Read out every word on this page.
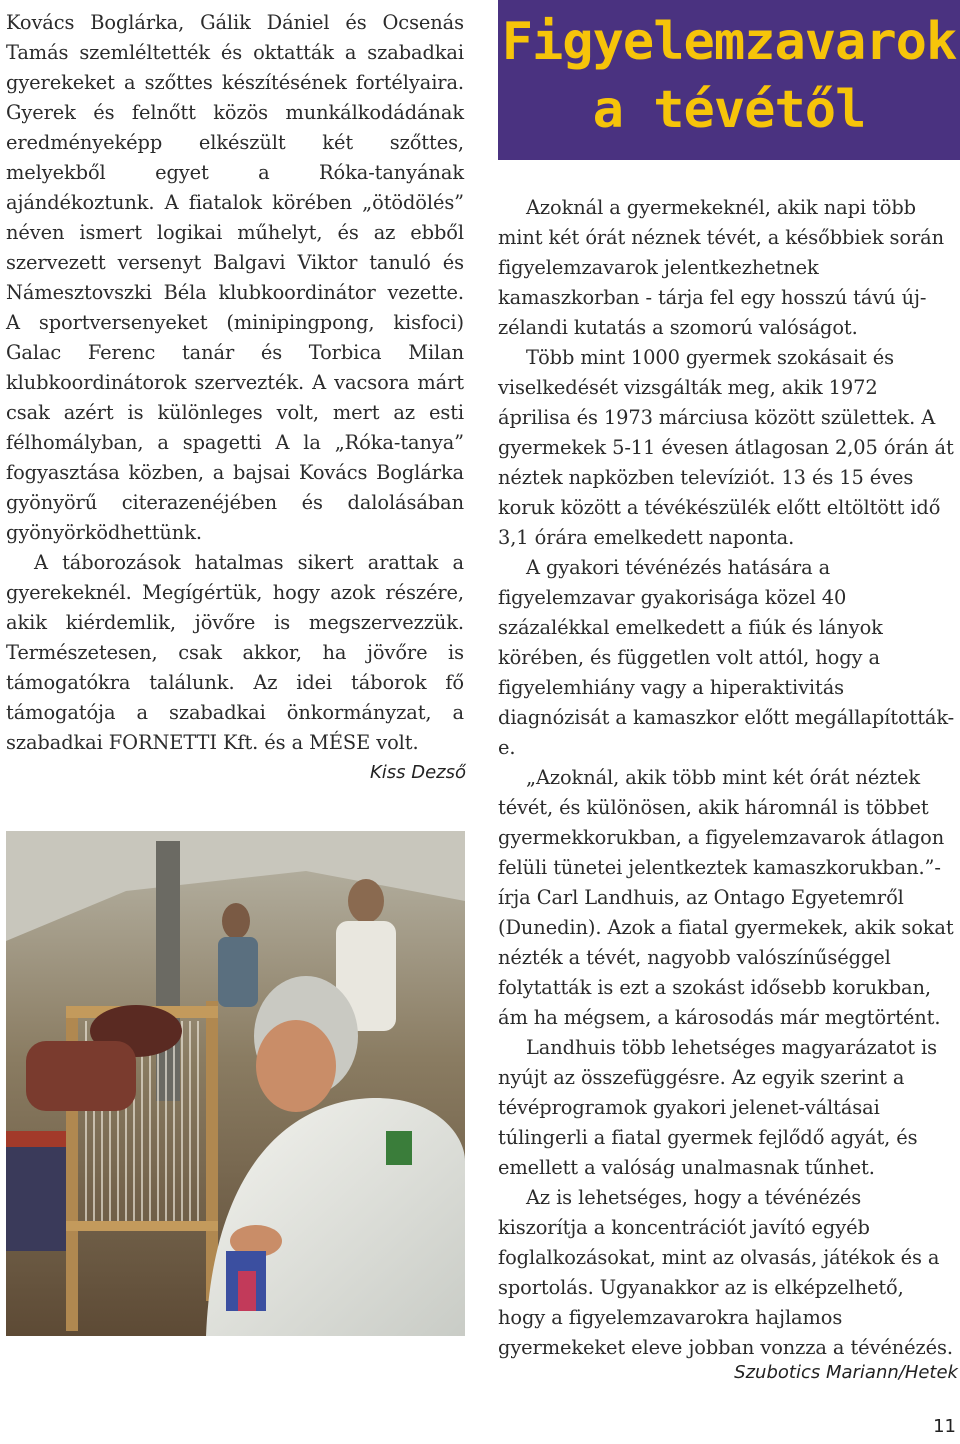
Kovács Boglárka, Gálik Dániel és Ocsenás Tamás szemléltették és oktatták a szabadkai gyerekeket a szőttes készítésének fortélyaira. Gyerek és felnőtt közös munkálkodádának eredményeképp elkészült két szőttes, melyekből egyet a Róka-tanyának ajándékoztunk. A fiatalok körében „ötödölés” néven ismert logikai műhelyt, és az ebből szervezett versenyt Balgavi Viktor tanuló és Námesztovszki Béla klubkoordinátor vezette. A sportversenyeket (minipingpong, kisfoci) Galac Ferenc tanár és Torbica Milan klubkoordinátorok szervezték. A vacsora márt csak azért is különleges volt, mert az esti félhomályban, a spagetti A la „Róka-tanya” fogyasztása közben, a bajsai Kovács Boglárka gyönyörű citerazenéjében és dalolásában gyönyörködhettünk.

A táborozások hatalmas sikert arattak a gyerekeknél. Megígértük, hogy azok részére, akik kiérdemlik, jövőre is megszervezzük. Természetesen, csak akkor, ha jövőre is támogatókra találunk. Az idei táborok fő támogatója a szabadkai önkormányzat, a szabadkai FORNETTI Kft. és a MÉSE volt.

Kiss Dezső
Figyelemzavarok
a tévétől

Azoknál a gyermekeknél, akik napi több mint két órát néznek tévét, a későbbiek során figyelemzavarok jelentkezhetnek kamaszkorban - tárja fel egy hosszú távú új-zélandi kutatás a szomorú valóságot.

Több mint 1000 gyermek szokásait és viselkedését vizsgálták meg, akik 1972 áprilisa és 1973 márciusa között születtek. A gyermekek 5-11 évesen átlagosan 2,05 órán át néztek napközben televíziót. 13 és 15 éves koruk között a tévékészülék előtt eltöltött idő 3,1 órára emelkedett naponta.

A gyakori tévénézés hatására a figyelemzavar gyakorisága közel 40 százalékkal emelkedett a fiúk és lányok körében, és független volt attól, hogy a figyelemhiány vagy a hiperaktivitás diagnózisát a kamaszkor előtt megállapították-e.

„Azoknál, akik több mint két órát néztek tévét, és különösen, akik háromnál is többet gyermekkorukban, a figyelemzavarok átlagon felüli tünetei jelentkeztek kamaszkorukban.”- írja Carl Landhuis, az Ontago Egyetemről (Dunedin). Azok a fiatal gyermekek, akik sokat nézték a tévét, nagyobb valószínűséggel folytatták is ezt a szokást idősebb korukban, ám ha mégsem, a károsodás már megtörtént.

Landhuis több lehetséges magyarázatot is nyújt az összefüggésre. Az egyik szerint a tévéprogramok gyakori jelenet-váltásai túlingerli a fiatal gyermek fejlődő agyát, és emellett a valóság unalmasnak tűnhet.

Az is lehetséges, hogy a tévénézés kiszorítja a koncentrációt javító egyéb foglalkozásokat, mint az olvasás, játékok és a sportolás. Ugyanakkor az is elképzelhető, hogy a figyelemzavarokra hajlamos gyermekeket eleve jobban vonzza a tévénézés.

Szubotics Mariann/Hetek
11
